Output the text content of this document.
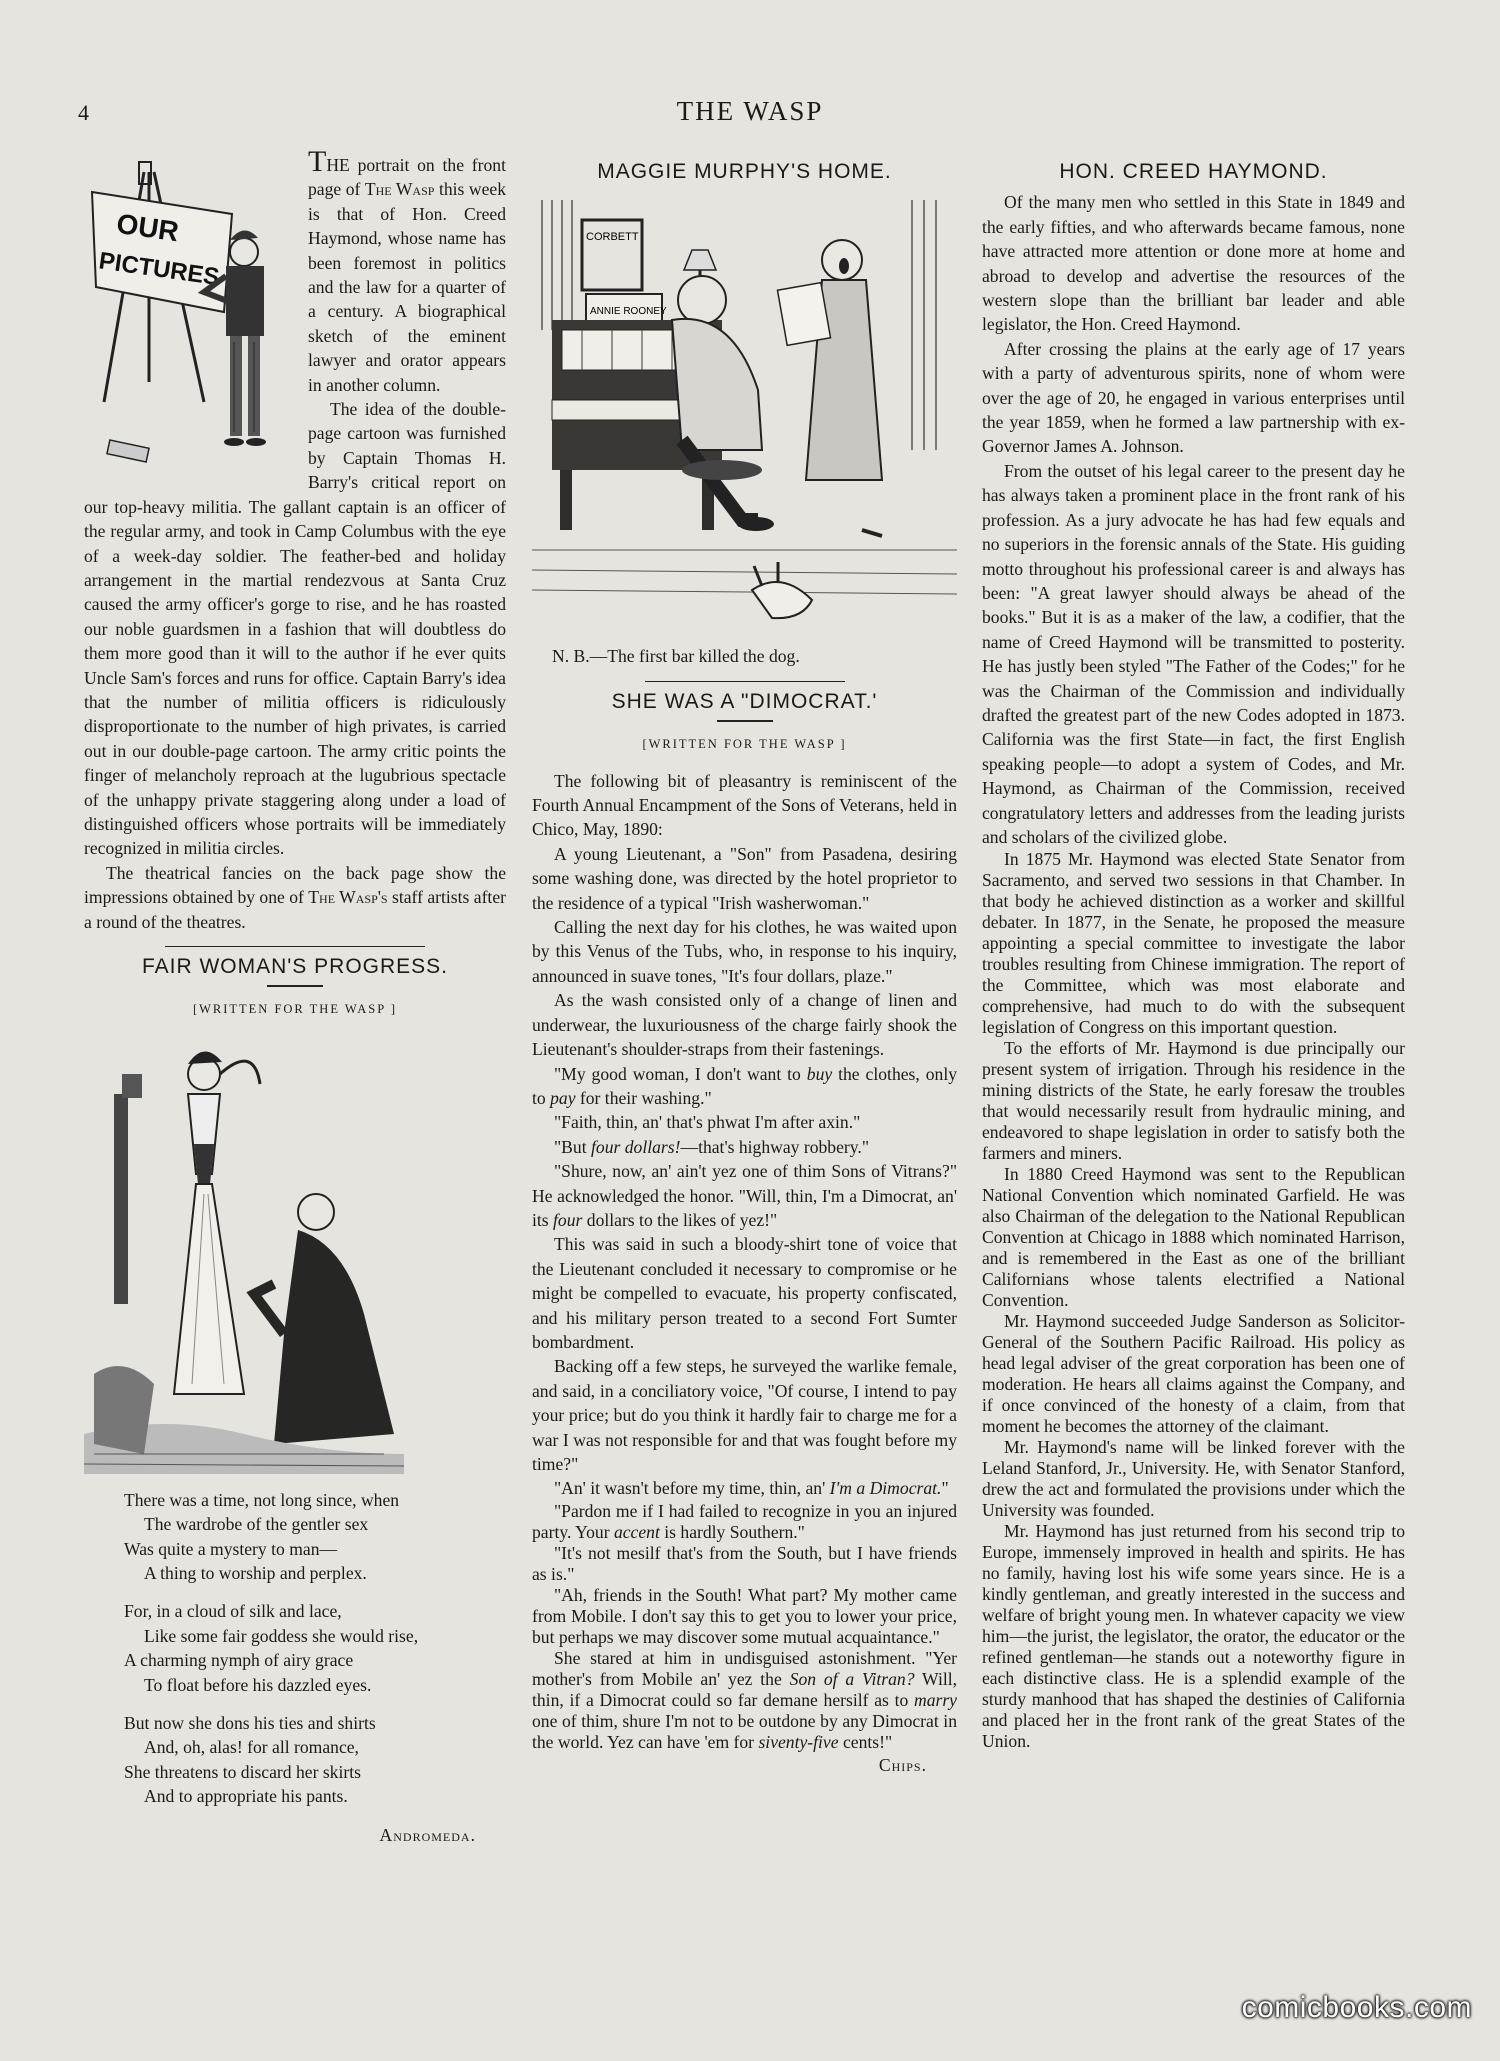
4	THE WASP
OUR
PICTURES

THE portrait on the front page of The Wasp this week is that of Hon. Creed Haymond, whose name has been foremost in politics and the law for a quarter of a century. A biographical sketch of the eminent lawyer and orator appears in another column.

The idea of the double-page cartoon was furnished by Captain Thomas H. Barry's critical report on our top-heavy militia. The gallant captain is an officer of the regular army, and took in Camp Columbus with the eye of a week-day soldier. The feather-bed and holiday arrangement in the martial rendezvous at Santa Cruz caused the army officer's gorge to rise, and he has roasted our noble guardsmen in a fashion that will doubtless do them more good than it will to the author if he ever quits Uncle Sam's forces and runs for office. Captain Barry's idea that the number of militia officers is ridiculously disproportionate to the number of high privates, is carried out in our double-page cartoon. The army critic points the finger of melancholy reproach at the lugubrious spectacle of the unhappy private staggering along under a load of distinguished officers whose portraits will be immediately recognized in militia circles.

The theatrical fancies on the back page show the impressions obtained by one of The Wasp's staff artists after a round of the theatres.

FAIR WOMAN'S PROGRESS.
[WRITTEN FOR THE WASP ]
There was a time, not long since, when
The wardrobe of the gentler sex
Was quite a mystery to man—
A thing to worship and perplex.
For, in a cloud of silk and lace,
Like some fair goddess she would rise,
A charming nymph of airy grace
To float before his dazzled eyes.
But now she dons his ties and shirts
And, oh, alas! for all romance,
She threatens to discard her skirts
And to appropriate his pants.
Andromeda.
MAGGIE MURPHY'S HOME.
CORBETT
ANNIE ROONEY
N. B.—The first bar killed the dog.
SHE WAS A "DIMOCRAT.'
[WRITTEN FOR THE WASP ]

The following bit of pleasantry is reminiscent of the Fourth Annual Encampment of the Sons of Veterans, held in Chico, May, 1890:

A young Lieutenant, a "Son" from Pasadena, desiring some washing done, was directed by the hotel proprietor to the residence of a typical "Irish washerwoman."

Calling the next day for his clothes, he was waited upon by this Venus of the Tubs, who, in response to his inquiry, announced in suave tones, "It's four dollars, plaze."

As the wash consisted only of a change of linen and underwear, the luxuriousness of the charge fairly shook the Lieutenant's shoulder-straps from their fastenings.

"My good woman, I don't want to buy the clothes, only to pay for their washing."

"Faith, thin, an' that's phwat I'm after axin."

"But four dollars!—that's highway robbery."

"Shure, now, an' ain't yez one of thim Sons of Vitrans?" He acknowledged the honor. "Will, thin, I'm a Dimocrat, an' its four dollars to the likes of yez!"

This was said in such a bloody-shirt tone of voice that the Lieutenant concluded it necessary to compromise or he might be compelled to evacuate, his property confiscated, and his military person treated to a second Fort Sumter bombardment.

Backing off a few steps, he surveyed the warlike female, and said, in a conciliatory voice, "Of course, I intend to pay your price; but do you think it hardly fair to charge me for a war I was not responsible for and that was fought before my time?"

"An' it wasn't before my time, thin, an' I'm a Dimocrat."

"Pardon me if I had failed to recognize in you an injured party. Your accent is hardly Southern."

"It's not mesilf that's from the South, but I have friends as is."

"Ah, friends in the South! What part? My mother came from Mobile. I don't say this to get you to lower your price, but perhaps we may discover some mutual acquaintance."

She stared at him in undisguised astonishment. "Yer mother's from Mobile an' yez the Son of a Vitran? Will, thin, if a Dimocrat could so far demane hersilf as to marry one of thim, shure I'm not to be outdone by any Dimocrat in the world. Yez can have 'em for siventy-five cents!"

Chips.
HON. CREED HAYMOND.

Of the many men who settled in this State in 1849 and the early fifties, and who afterwards became famous, none have attracted more attention or done more at home and abroad to develop and advertise the resources of the western slope than the brilliant bar leader and able legislator, the Hon. Creed Haymond.

After crossing the plains at the early age of 17 years with a party of adventurous spirits, none of whom were over the age of 20, he engaged in various enterprises until the year 1859, when he formed a law partnership with ex-Governor James A. Johnson.

From the outset of his legal career to the present day he has always taken a prominent place in the front rank of his profession. As a jury advocate he has had few equals and no superiors in the forensic annals of the State. His guiding motto throughout his professional career is and always has been: "A great lawyer should always be ahead of the books." But it is as a maker of the law, a codifier, that the name of Creed Haymond will be transmitted to posterity. He has justly been styled "The Father of the Codes;" for he was the Chairman of the Commission and individually drafted the greatest part of the new Codes adopted in 1873. California was the first State—in fact, the first English speaking people—to adopt a system of Codes, and Mr. Haymond, as Chairman of the Commission, received congratulatory letters and addresses from the leading jurists and scholars of the civilized globe.

In 1875 Mr. Haymond was elected State Senator from Sacramento, and served two sessions in that Chamber. In that body he achieved distinction as a worker and skillful debater. In 1877, in the Senate, he proposed the measure appointing a special committee to investigate the labor troubles resulting from Chinese immigration. The report of the Committee, which was most elaborate and comprehensive, had much to do with the subsequent legislation of Congress on this important question.

To the efforts of Mr. Haymond is due principally our present system of irrigation. Through his residence in the mining districts of the State, he early foresaw the troubles that would necessarily result from hydraulic mining, and endeavored to shape legislation in order to satisfy both the farmers and miners.

In 1880 Creed Haymond was sent to the Republican National Convention which nominated Garfield. He was also Chairman of the delegation to the National Republican Convention at Chicago in 1888 which nominated Harrison, and is remembered in the East as one of the brilliant Californians whose talents electrified a National Convention.

Mr. Haymond succeeded Judge Sanderson as Solicitor-General of the Southern Pacific Railroad. His policy as head legal adviser of the great corporation has been one of moderation. He hears all claims against the Company, and if once convinced of the honesty of a claim, from that moment he becomes the attorney of the claimant.

Mr. Haymond's name will be linked forever with the Leland Stanford, Jr., University. He, with Senator Stanford, drew the act and formulated the provisions under which the University was founded.

Mr. Haymond has just returned from his second trip to Europe, immensely improved in health and spirits. He has no family, having lost his wife some years since. He is a kindly gentleman, and greatly interested in the success and welfare of bright young men. In whatever capacity we view him—the jurist, the legislator, the orator, the educator or the refined gentleman—he stands out a noteworthy figure in each distinctive class. He is a splendid example of the sturdy manhood that has shaped the destinies of California and placed her in the front rank of the great States of the Union.

comicbooks.com
